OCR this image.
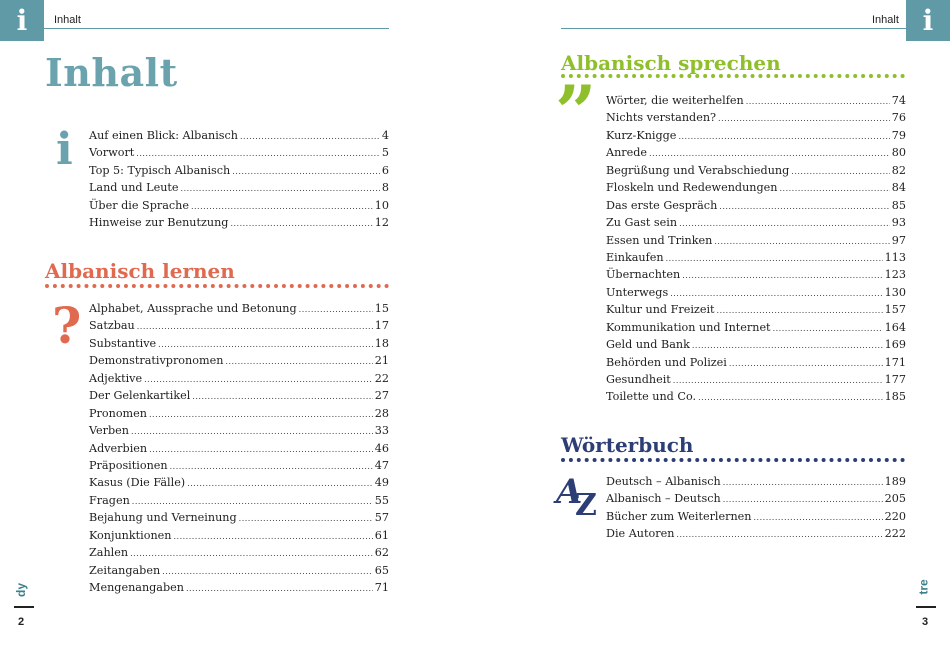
i	Inhalt
Inhalt
i Auf einen Blick: Albanisch .....	4
Vorwort .....	5
Top 5: Typisch Albanisch .....	6
Land und Leute .....	8
Über die Sprache .....	10
Hinweise zur Benutzung .....	12
Albanisch lernen
? Alphabet, Aussprache und Betonung .....	15
Satzbau .....	17
Substantive .....	18
Demonstrativpronomen .....	21
Adjektive .....	22
Der Gelenkartikel .....	27
Pronomen .....	28
Verben .....	33
Adverbien .....	46
Präpositionen .....	47
Kasus (Die Fälle) .....	49
Fragen .....	55
Bejahung und Verneinung .....	57
Konjunktionen .....	61
Zahlen .....	62
Zeitangaben .....	65
Mengenangaben .....	71
dy
2
i
Inhalt
Albanisch sprechen
” Wörter, die weiterhelfen .....	74
Nichts verstanden? .....	76
Kurz-Knigge .....	79
Anrede .....	80
Begrüßung und Verabschiedung .....	82
Floskeln und Redewendungen .....	84
Das erste Gespräch .....	85
Zu Gast sein .....	93
Essen und Trinken .....	97
Einkaufen .....	113
Übernachten .....	123
Unterwegs .....	130
Kultur und Freizeit .....	157
Kommunikation und Internet .....	164
Geld und Bank .....	169
Behörden und Polizei .....	171
Gesundheit .....	177
Toilette und Co. .....	185
Wörterbuch
A
Z
Deutsch – Albanisch .....	189
Albanisch – Deutsch .....	205
Bücher zum Weiterlernen .....	220
Die Autoren .....	222
tre
3
